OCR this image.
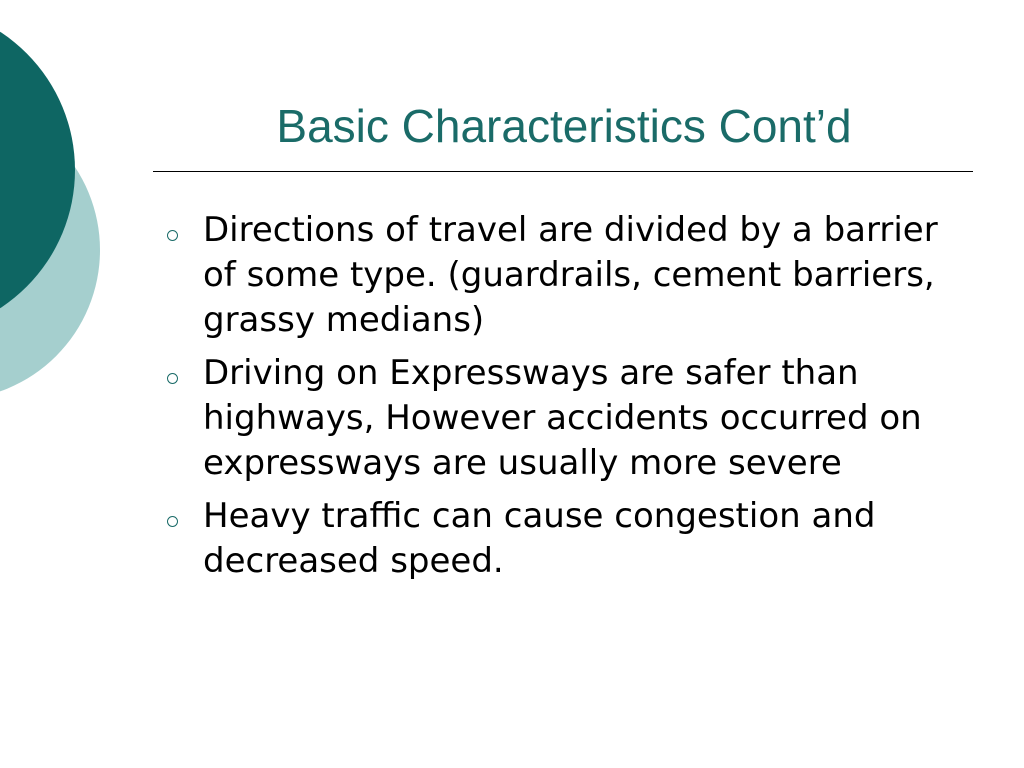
Basic Characteristics Cont’d
Directions of travel are divided by a barrier of some type. (guardrails, cement barriers, grassy medians)
Driving on Expressways are safer than highways, However accidents occurred on expressways are usually more severe
Heavy traffic can cause congestion and decreased speed.
